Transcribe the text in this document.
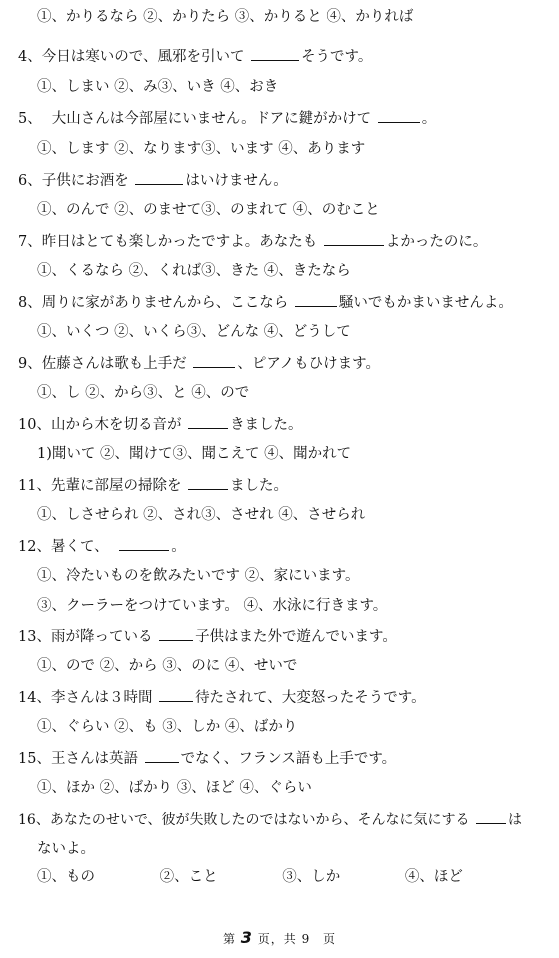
①、かりるなら ②、かりたら ③、かりると ④、かりれば
4、今日は寒いので、風邪を引いて	そうです。
①、しまい ②、み③、いき ④、おき
5、 大山さんは今部屋にいません。ドアに鍵がかけて	。
①、します ②、なります③、います ④、あります
6、子供にお酒を	はいけません。
①、のんで ②、のませて③、のまれて ④、のむこと
7、昨日はとても楽しかったですよ。あなたも	よかったのに。
①、くるなら ②、くれば③、きた ④、きたなら
8、周りに家がありませんから、ここなら	騒いでもかまいませんよ。
①、いくつ ②、いくら③、どんな ④、どうして
9、佐藤さんは歌も上手だ	、ピアノもひけます。
①、し ②、から③、と ④、ので
10、山から木を切る音が	きました。
1)聞いて ②、聞けて③、聞こえて ④、聞かれて
11、先輩に部屋の掃除を	ました。
①、しさせられ ②、され③、させれ ④、させられ
12、暑くて、	。
①、冷たいものを飲みたいです ②、家にいます。
③、クーラーをつけています。 ④、水泳に行きます。
13、雨が降っている	子供はまた外で遊んでいます。
①、ので ②、から ③、のに ④、せいで
14、李さんは３時間	待たされて、大変怒ったそうです。
①、ぐらい ②、も ③、しか ④、ばかり
15、王さんは英語	でなく、フランス語も上手です。
①、ほか ②、ばかり ③、ほど ④、ぐらい
16、あなたのせいで、彼が失敗したのではないから、そんなに気にする	は
ないよ。
①、もの	②、こと	③、しか	④、ほど
第 3 页，共 9 页
